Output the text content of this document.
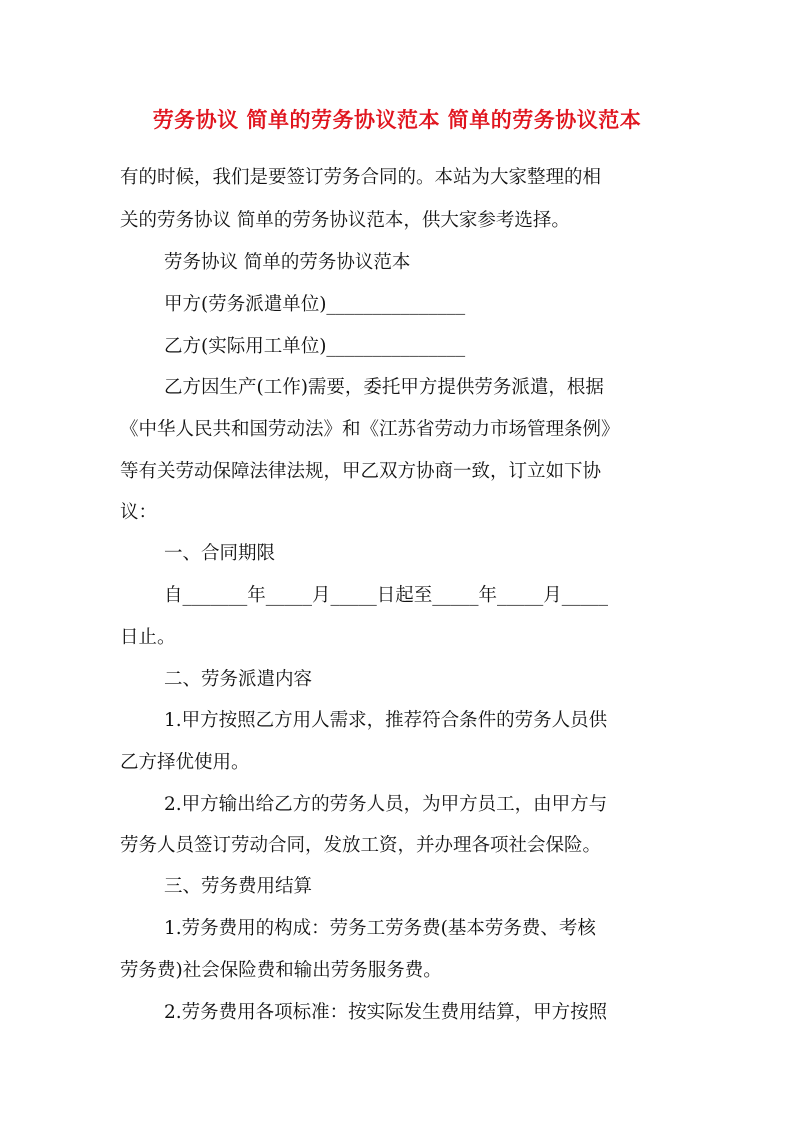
劳务协议 简单的劳务协议范本 简单的劳务协议范本
有的时候，我们是要签订劳务合同的。本站为大家整理的相
关的劳务协议 简单的劳务协议范本，供大家参考选择。
劳务协议 简单的劳务协议范本
甲方(劳务派遣单位)_______________
乙方(实际用工单位)_______________
乙方因生产(工作)需要，委托甲方提供劳务派遣，根据
《中华人民共和国劳动法》和《江苏省劳动力市场管理条例》
等有关劳动保障法律法规，甲乙双方协商一致，订立如下协
议：
一、合同期限
自_______年_____月_____日起至_____年_____月_____
日止。
二、劳务派遣内容
1.甲方按照乙方用人需求，推荐符合条件的劳务人员供
乙方择优使用。
2.甲方输出给乙方的劳务人员，为甲方员工，由甲方与
劳务人员签订劳动合同，发放工资，并办理各项社会保险。
三、劳务费用结算
1.劳务费用的构成：劳务工劳务费(基本劳务费、考核
劳务费)社会保险费和输出劳务服务费。
2.劳务费用各项标准：按实际发生费用结算，甲方按照
